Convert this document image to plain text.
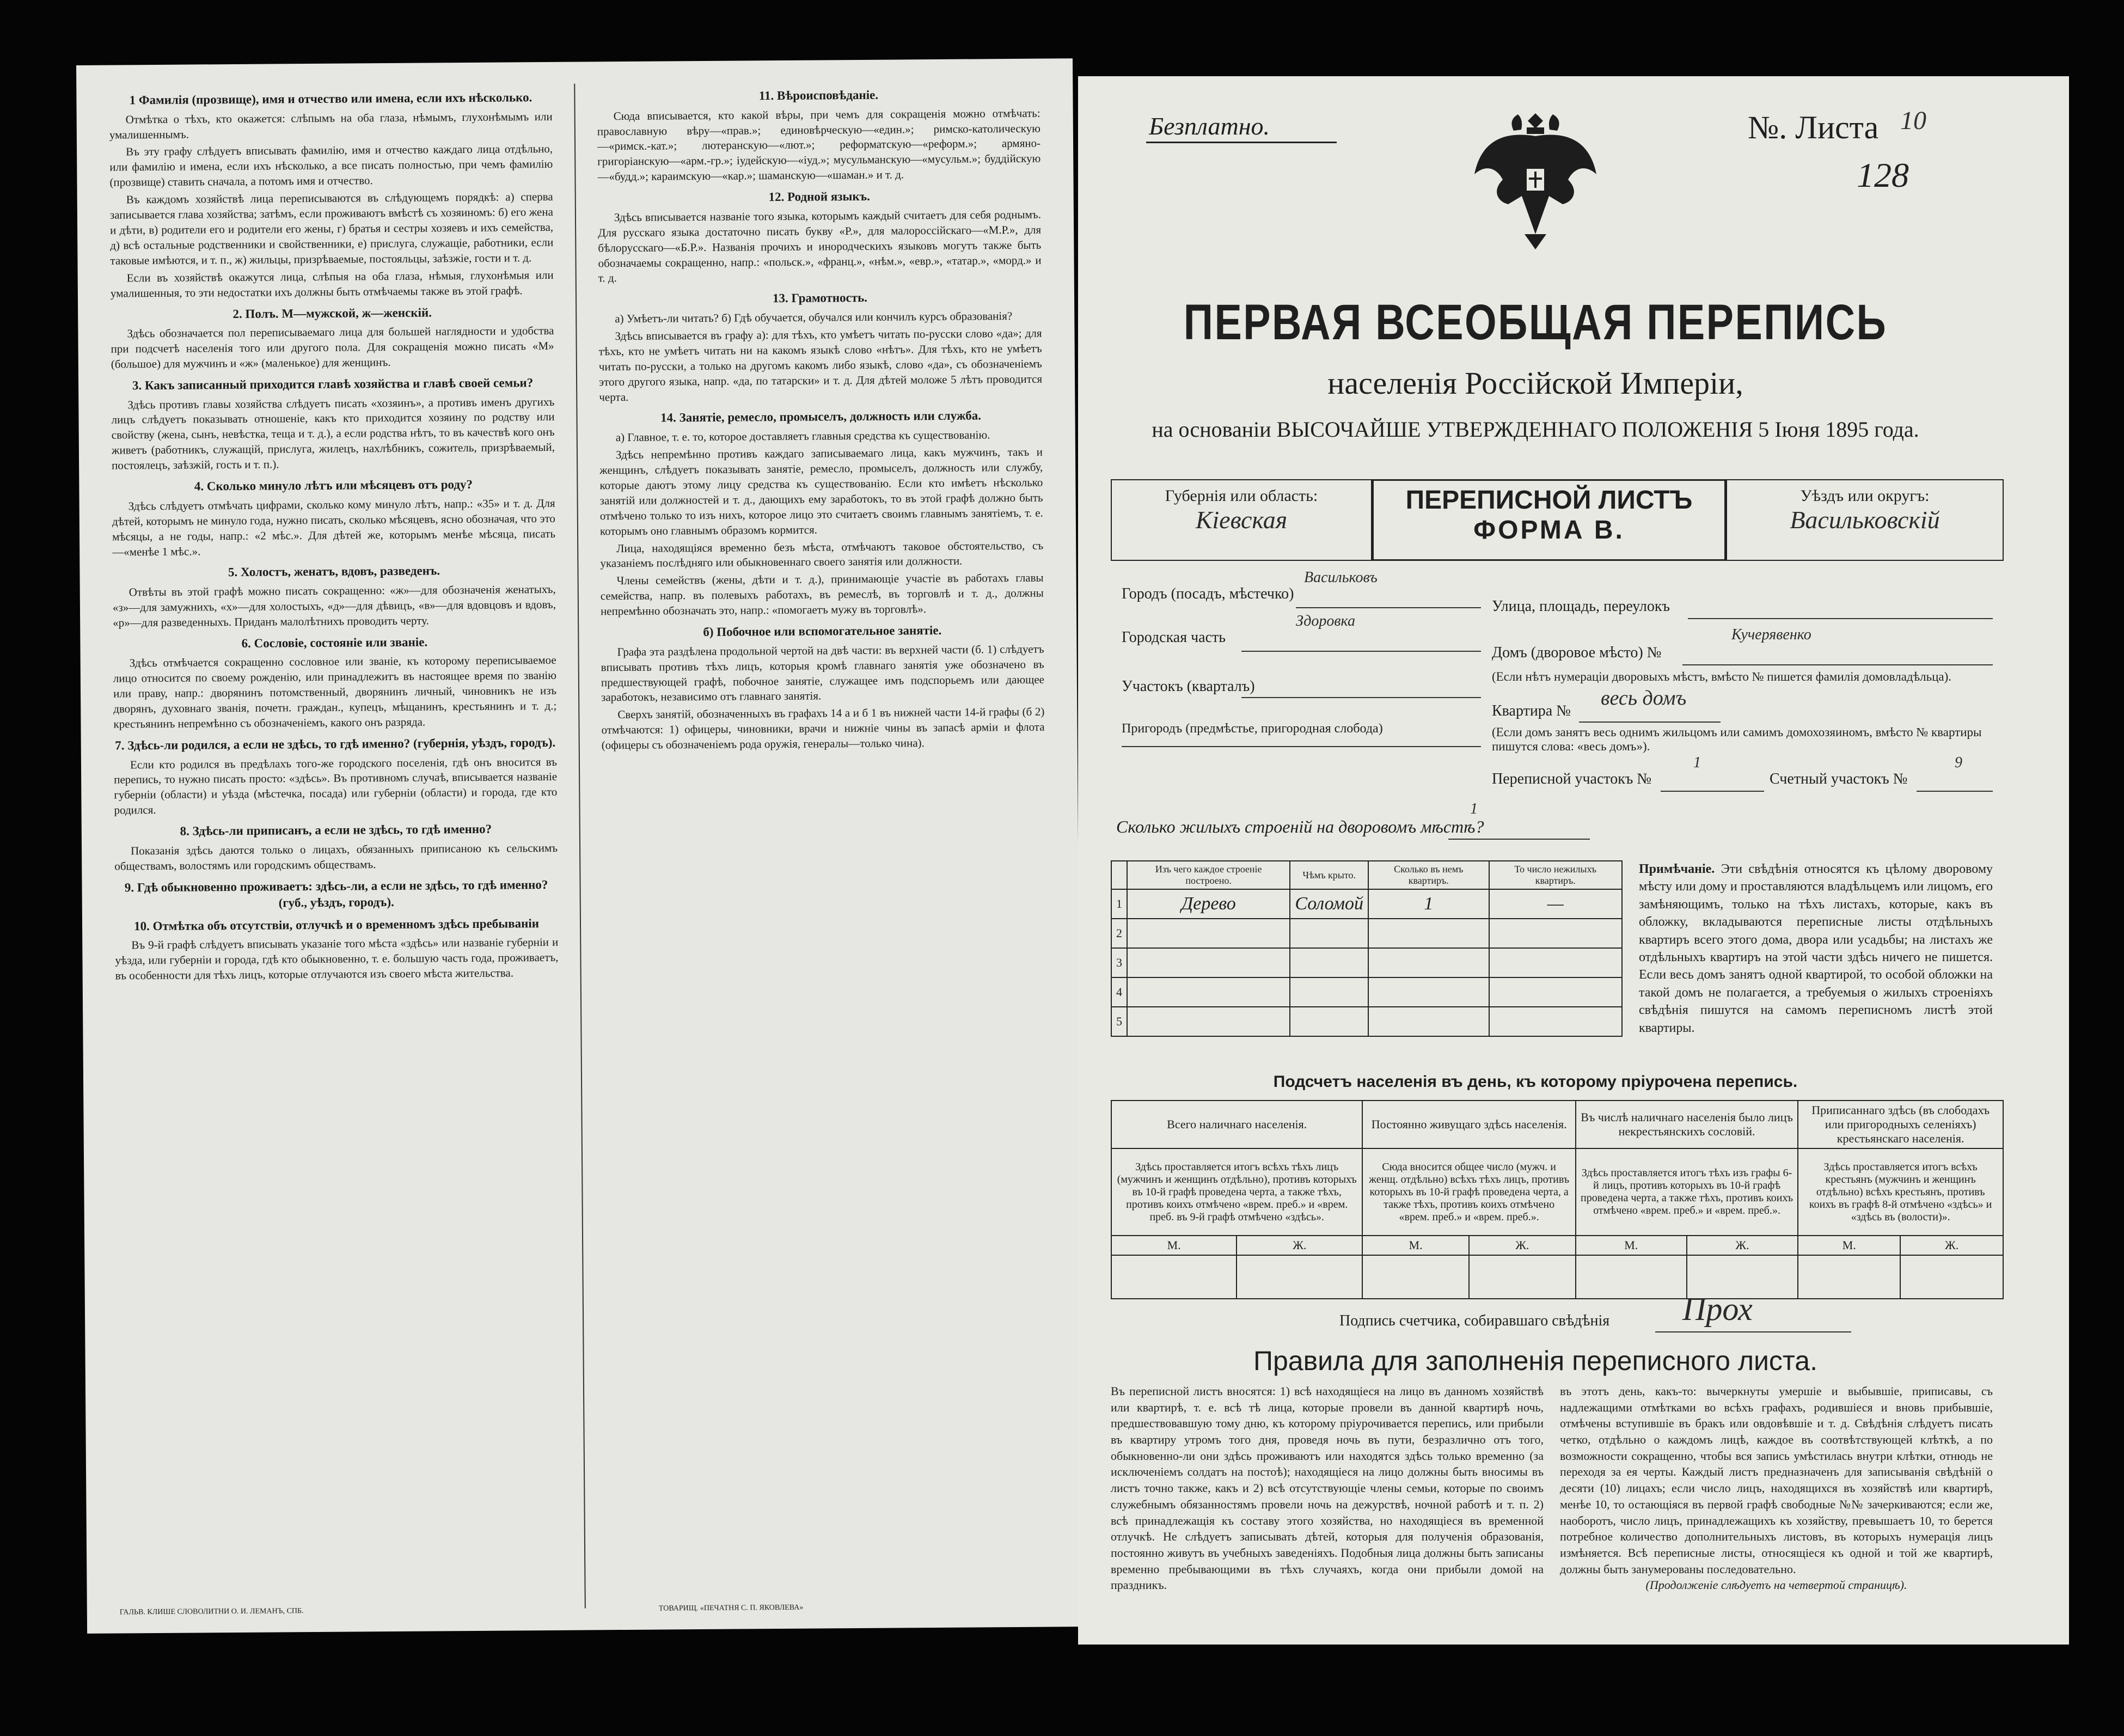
1 Фамилія (прозвище), имя и отчество или имена, если ихъ нѣсколько.

Отмѣтка о тѣхъ, кто окажется: слѣпымъ на оба глаза, нѣмымъ, глухонѣмымъ или умалишеннымъ.

Въ эту графу слѣдуетъ вписывать фамилію, имя и отчество каждаго лица отдѣльно, или фамилію и имена, если ихъ нѣсколько, а все писать полностью, при чемъ фамилію (прозвище) ставить сначала, а потомъ имя и отчество.

Въ каждомъ хозяйствѣ лица переписываются въ слѣдующемъ порядкѣ: а) сперва записывается глава хозяйства; затѣмъ, если проживаютъ вмѣстѣ съ хозяиномъ: б) его жена и дѣти, в) родители его и родители его жены, г) братья и сестры хозяевъ и ихъ семейства, д) всѣ остальные родственники и свойственники, е) прислуга, служащіе, работники, если таковые имѣются, и т. п., ж) жильцы, призрѣваемые, постояльцы, заѣзжіе, гости и т. д.

Если въ хозяйствѣ окажутся лица, слѣпыя на оба глаза, нѣмыя, глухонѣмыя или умалишенныя, то эти недостатки ихъ должны быть отмѣчаемы также въ этой графѣ.

2. Полъ. М—мужской, ж—женскій.

Здѣсь обозначается пол переписываемаго лица для большей наглядности и удобства при подсчетѣ населенія того или другого пола. Для сокращенія можно писать «М» (большое) для мужчинъ и «ж» (маленькое) для женщинъ.

3. Какъ записанный приходится главѣ хозяйства и главѣ своей семьи?

Здѣсь противъ главы хозяйства слѣдуетъ писать «хозяинъ», а противъ именъ другихъ лицъ слѣдуетъ показывать отношеніе, какъ кто приходится хозяину по родству или свойству (жена, сынъ, невѣстка, теща и т. д.), а если родства нѣтъ, то въ качествѣ кого онъ живетъ (работникъ, служащій, прислуга, жилецъ, нахлѣбникъ, сожитель, призрѣваемый, постоялецъ, заѣзжій, гость и т. п.).

4. Сколько минуло лѣтъ или мѣсяцевъ отъ роду?

Здѣсь слѣдуетъ отмѣчать цифрами, сколько кому минуло лѣтъ, напр.: «35» и т. д. Для дѣтей, которымъ не минуло года, нужно писать, сколько мѣсяцевъ, ясно обозначая, что это мѣсяцы, а не годы, напр.: «2 мѣс.». Для дѣтей же, которымъ менѣе мѣсяца, писать—«менѣе 1 мѣс.».

5. Холостъ, женатъ, вдовъ, разведенъ.

Отвѣты въ этой графѣ можно писать сокращенно: «ж»—для обозначенія женатыхъ, «з»—для замужнихъ, «х»—для холостыхъ, «д»—для дѣвицъ, «в»—для вдовцовъ и вдовъ, «р»—для разведенныхъ. Приданъ малолѣтнихъ проводить черту.

6. Сословіе, состояніе или званіе.

Здѣсь отмѣчается сокращенно сословное или званіе, къ которому переписываемое лицо относится по своему рожденію, или принадлежитъ въ настоящее время по званію или праву, напр.: дворянинъ потомственный, дворянинъ личный, чиновникъ не изъ дворянъ, духовнаго званія, почетн. граждан., купецъ, мѣщанинъ, крестьянинъ и т. д.; крестьянинъ непремѣнно съ обозначеніемъ, какого онъ разряда.

7. Здѣсь-ли родился, а если не здѣсь, то гдѣ именно? (губернія, уѣздъ, городъ).

Если кто родился въ предѣлахъ того-же городского поселенія, гдѣ онъ вносится въ перепись, то нужно писать просто: «здѣсь». Въ противномъ случаѣ, вписывается названіе губерніи (области) и уѣзда (мѣстечка, посада) или губерніи (области) и города, где кто родился.

8. Здѣсь-ли приписанъ, а если не здѣсь, то гдѣ именно?

Показанія здѣсь даются только о лицахъ, обязанныхъ приписаною къ сельскимъ обществамъ, волостямъ или городскимъ обществамъ.

9. Гдѣ обыкновенно проживаетъ: здѣсь-ли, а если не здѣсь, то гдѣ именно? (губ., уѣздъ, городъ).
10. Отмѣтка объ отсутствіи, отлучкѣ и о временномъ здѣсь пребываніи

Въ 9-й графѣ слѣдуетъ вписывать указаніе того мѣста «здѣсь» или названіе губерніи и уѣзда, или губерніи и города, гдѣ кто обыкновенно, т. е. большую часть года, проживаетъ, въ особенности для тѣхъ лицъ, которые отлучаются изъ своего мѣста жительства.

11. Вѣроисповѣданіе.

Сюда вписывается, кто какой вѣры, при чемъ для сокращенія можно отмѣчать: православную вѣру—«прав.»; единовѣрческую—«един.»; римско-католическую—«римск.-кат.»; лютеранскую—«лют.»; реформатскую—«реформ.»; армяно-григоріанскую—«арм.-гр.»; іудейскую—«іуд.»; мусульманскую—«мусульм.»; буддійскую—«будд.»; караимскую—«кар.»; шаманскую—«шаман.» и т. д.

12. Родной языкъ.

Здѣсь вписывается названіе того языка, которымъ каждый считаетъ для себя роднымъ. Для русскаго языка достаточно писать букву «Р.», для малороссійскаго—«М.Р.», для бѣлорусскаго—«Б.Р.». Названія прочихъ и инородческихъ языковъ могутъ также быть обозначаемы сокращенно, напр.: «польск.», «франц.», «нѣм.», «евр.», «татар.», «морд.» и т. д.

13. Грамотность.

а) Умѣетъ-ли читать? б) Гдѣ обучается, обучался или кончилъ курсъ образованія?

Здѣсь вписывается въ графу а): для тѣхъ, кто умѣетъ читать по-русски слово «да»; для тѣхъ, кто не умѣетъ читать ни на какомъ языкѣ слово «нѣтъ». Для тѣхъ, кто не умѣетъ читать по-русски, а только на другомъ какомъ либо языкѣ, слово «да», съ обозначеніемъ этого другого языка, напр. «да, по татарски» и т. д. Для дѣтей моложе 5 лѣтъ проводится черта.

14. Занятіе, ремесло, промыселъ, должность или служба.

а) Главное, т. е. то, которое доставляетъ главныя средства къ существованію.

Здѣсь непремѣнно противъ каждаго записываемаго лица, какъ мужчинъ, такъ и женщинъ, слѣдуетъ показывать занятіе, ремесло, промыселъ, должность или службу, которые даютъ этому лицу средства къ существованію. Если кто имѣетъ нѣсколько занятій или должностей и т. д., дающихъ ему заработокъ, то въ этой графѣ должно быть отмѣчено только то изъ нихъ, которое лицо это считаетъ своимъ главнымъ занятіемъ, т. е. которымъ оно главнымъ образомъ кормится.

Лица, находящіяся временно безъ мѣста, отмѣчаютъ таковое обстоятельство, съ указаніемъ послѣдняго или обыкновеннаго своего занятія или должности.

Члены семействъ (жены, дѣти и т. д.), принимающіе участіе въ работахъ главы семейства, напр. въ полевыхъ работахъ, въ ремеслѣ, въ торговлѣ и т. д., должны непремѣнно обозначать это, напр.: «помогаетъ мужу въ торговлѣ».

б) Побочное или вспомогательное занятіе.

Графа эта раздѣлена продольной чертой на двѣ части: въ верхней части (б. 1) слѣдуетъ вписывать противъ тѣхъ лицъ, которыя кромѣ главнаго занятія уже обозначено въ предшествующей графѣ, побочное занятіе, служащее имъ подспорьемъ или дающее заработокъ, независимо отъ главнаго занятія.

Сверхъ занятій, обозначенныхъ въ графахъ 14 а и б 1 въ нижней части 14-й графы (б 2) отмѣчаются: 1) офицеры, чиновники, врачи и нижніе чины въ запасѣ арміи и флота (офицеры съ обозначеніемъ рода оружія, генералы—только чина).

ГАЛЬВ. КЛИШЕ СЛОВОЛИТНИ О. И. ЛЕМАНЪ, СПБ.	ТОВАРИЩ. «ПЕЧАТНЯ С. П. ЯКОВЛЕВА»
Безплатно.	№. Листа 10
128
ПЕРВАЯ ВСЕОБЩАЯ ПЕРЕПИСЬ
населенія Россійской Имперіи,
на основаніи ВЫСОЧАЙШЕ УТВЕРЖДЕННАГО ПОЛОЖЕНІЯ 5 Іюня 1895 года.
Губернія или область:
Кіевская
ПЕРЕПИСНОЙ ЛИСТЪ
ФОРМА В.
Уѣздъ или округъ:
Васильковскій
Городъ (посадъ, мѣстечко)
Васильковъ
Улица, площадь, переулокъ
Городская часть
Здоровка
Домъ (дворовое мѣсто) №
Кучерявенко
(Если нѣтъ нумераціи дворовыхъ мѣстъ, вмѣсто № пишется фамилія домовладѣльца).
Участокъ (кварталъ)
Квартира №
весь домъ
(Если домъ занятъ весь однимъ жильцомъ или самимъ домохозяиномъ, вмѣсто № квартиры пишутся слова: «весь домъ»).
Пригородъ (предмѣстье, пригородная слобода)
Переписной участокъ №
1
Счетный участокъ №
9
Сколько жилыхъ строеній на дворовомъ мѣстѣ?
1
	Изъ чего каждое строеніе построено.	Чѣмъ крыто.	Сколько въ немъ квартиръ.	То число нежилыхъ квартиръ.
1	Дерево	Соломой	1	—
2				
3				
4				
5				
Примѣчаніе. Эти свѣдѣнія относятся къ цѣлому дворовому мѣсту или дому и проставляются владѣльцемъ или лицомъ, его замѣняющимъ, только на тѣхъ листахъ, которые, какъ въ обложку, вкладываются переписные листы отдѣльныхъ квартиръ всего этого дома, двора или усадьбы; на листахъ же отдѣльныхъ квартиръ на этой части здѣсь ничего не пишется. Если весь домъ занятъ одной квартирой, то особой обложки на такой домъ не полагается, а требуемыя о жилыхъ строеніяхъ свѣдѣнія пишутся на самомъ переписномъ листѣ этой квартиры.
Подсчетъ населенія въ день, къ которому пріурочена перепись.
Всего наличнаго населенія.		Постоянно живущаго здѣсь населенія.		Въ числѣ наличнаго населенія было лицъ некрестьянскихъ сословій.		Приписаннаго здѣсь (въ слободахъ или пригородныхъ селеніяхъ) крестьянскаго населенія.	
Здѣсь проставляется итогъ всѣхъ тѣхъ лицъ (мужчинъ и женщинъ отдѣльно), противъ которыхъ въ 10-й графѣ проведена черта, а также тѣхъ, противъ коихъ отмѣчено «врем. преб.» и «врем. преб. въ 9-й графѣ отмѣчено «здѣсь».		Сюда вносится общее число (мужч. и женщ. отдѣльно) всѣхъ тѣхъ лицъ, противъ которыхъ въ 10-й графѣ проведена черта, а также тѣхъ, противъ коихъ отмѣчено «врем. преб.» и «врем. преб.».		Здѣсь проставляется итогъ тѣхъ изъ графы 6-й лицъ, противъ которыхъ въ 10-й графѣ проведена черта, а также тѣхъ, противъ коихъ отмѣчено «врем. преб.» и «врем. преб.».		Здѣсь проставляется итогъ всѣхъ крестьянъ (мужчинъ и женщинъ отдѣльно) всѣхъ крестьянъ, противъ коихъ въ графѣ 8-й отмѣчено «здѣсь» и «здѣсь въ (волости)».	
М.	Ж.	М.	Ж.	М.	Ж.	М.	Ж.

Подпись счетчика, собиравшаго свѣдѣнія Прох
Правила для заполненія переписного листа.
Въ переписной листъ вносятся: 1) всѣ находящіеся на лицо въ данномъ хозяйствѣ или квартирѣ, т. е. всѣ тѣ лица, которые провели въ данной квартирѣ ночь, предшествовавшую тому дню, къ которому пріурочивается перепись, или прибыли въ квартиру утромъ того дня, проведя ночь въ пути, безразлично отъ того, обыкновенно-ли они здѣсь проживаютъ или находятся здѣсь только временно (за исключеніемъ солдатъ на постоѣ); находящіеся на лицо должны быть вносимы въ листъ точно также, какъ и 2) всѣ отсутствующіе члены семьи, которые по своимъ служебнымъ обязанностямъ провели ночь на дежурствѣ, ночной работѣ и т. п. 2) всѣ принадлежащія къ составу этого хозяйства, но находящіеся въ временной отлучкѣ. Не слѣдуетъ записывать дѣтей, которыя для полученія образованія, постоянно живутъ въ учебныхъ заведеніяхъ. Подобныя лица должны быть записаны временно пребывающими въ тѣхъ случаяхъ, когда они прибыли домой на праздникъ.
въ этотъ день, какъ-то: вычеркнуты умершіе и выбывшіе, приписавы, съ надлежащими отмѣтками во всѣхъ графахъ, родившіеся и вновь прибывшіе, отмѣчены вступившіе въ бракъ или овдовѣвшіе и т. д. Свѣдѣнія слѣдуетъ писать четко, отдѣльно о каждомъ лицѣ, каждое въ соотвѣтствующей клѣткѣ, а по возможности сокращенно, чтобы вся запись умѣстилась внутри клѣтки, отнюдь не переходя за ея черты. Каждый листъ предназначенъ для записыванія свѣдѣній о десяти (10) лицахъ; если число лицъ, находящихся въ хозяйствѣ или квартирѣ, менѣе 10, то остающіяся въ первой графѣ свободные №№ зачеркиваются; если же, наоборотъ, число лицъ, принадлежащихъ къ хозяйству, превышаетъ 10, то берется потребное количество дополнительныхъ листовъ, въ которыхъ нумерація лицъ измѣняется. Всѣ переписные листы, относящіеся къ одной и той же квартирѣ, должны быть занумерованы последовательно.

(Продолженіе слѣдуетъ на четвертой страницѣ).
